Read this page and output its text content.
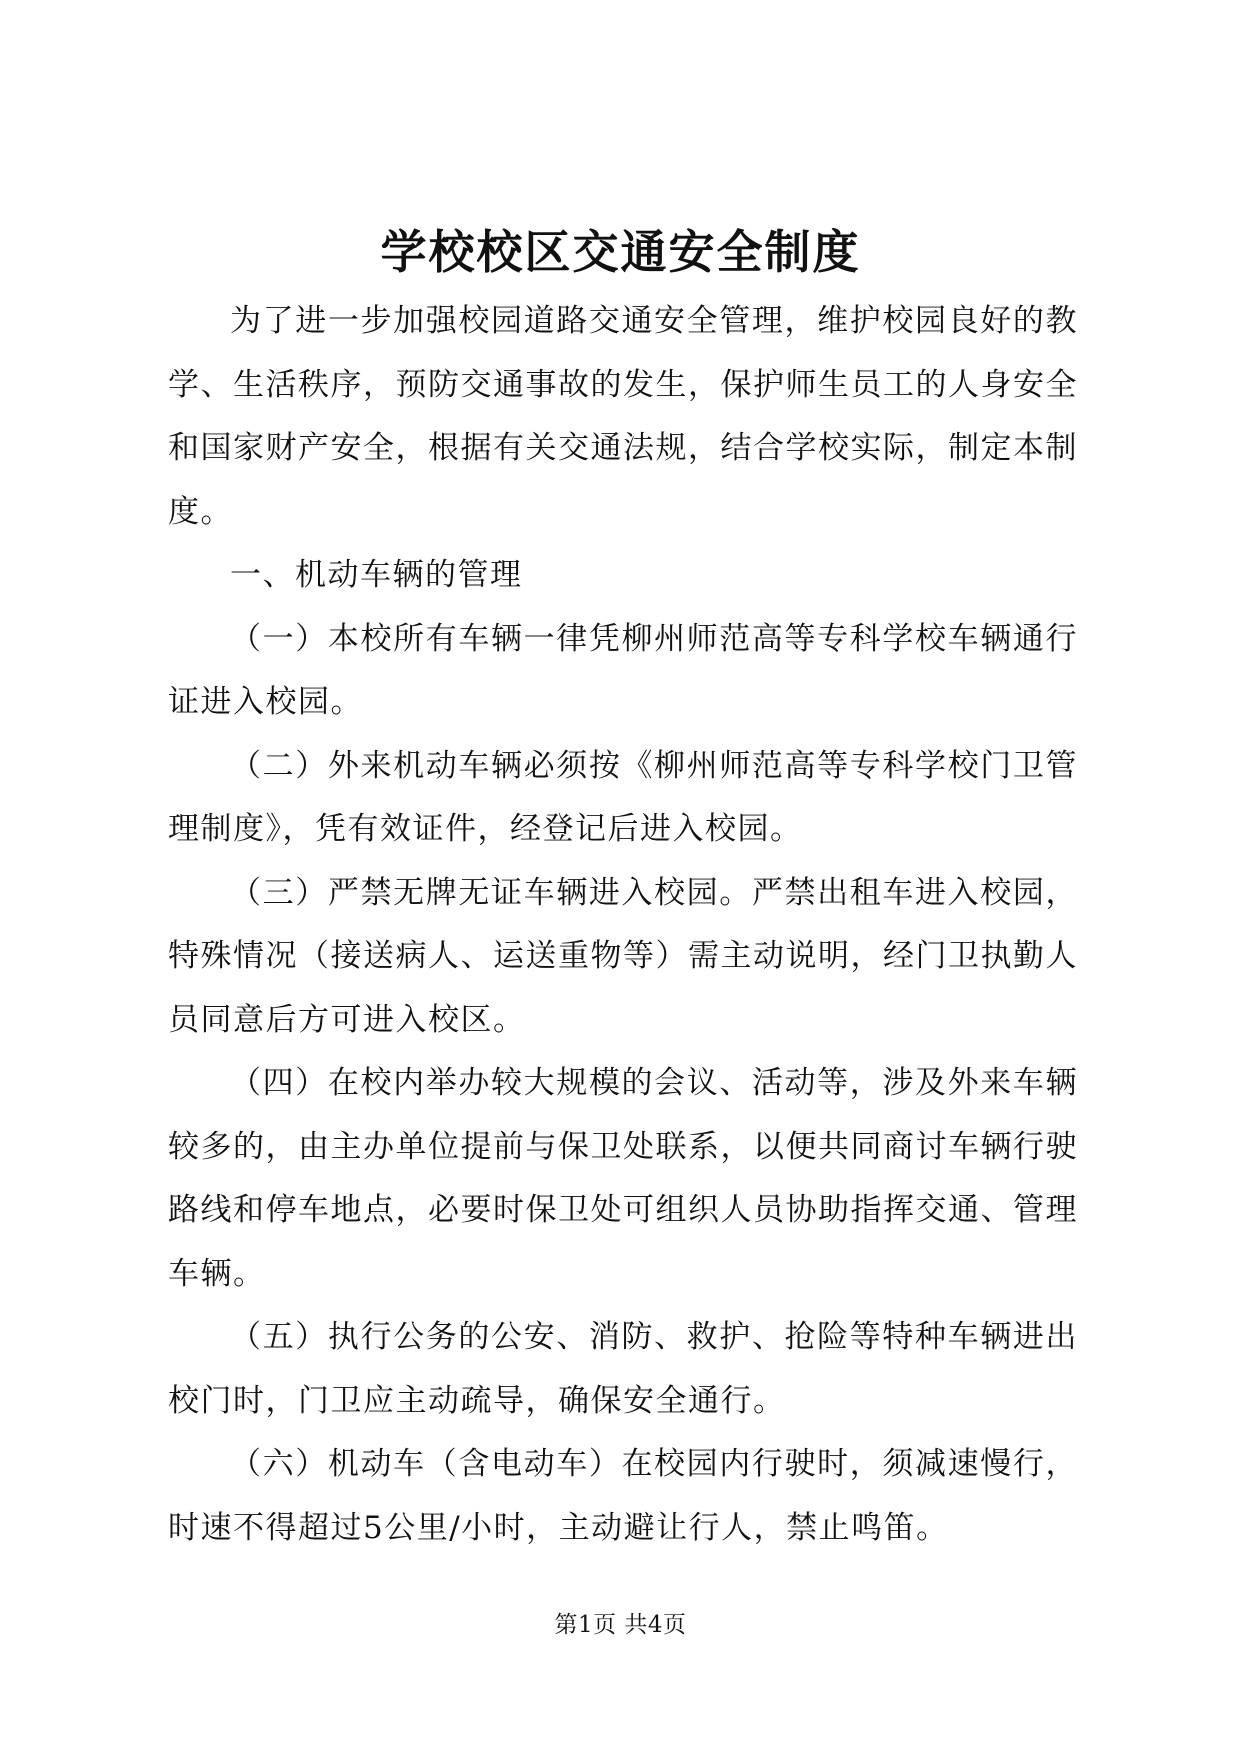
学校校区交通安全制度

为了进一步加强校园道路交通安全管理，维护校园良好的教学、生活秩序，预防交通事故的发生，保护师生员工的人身安全和国家财产安全，根据有关交通法规，结合学校实际，制定本制度。

一、机动车辆的管理

（一）本校所有车辆一律凭柳州师范高等专科学校车辆通行证进入校园。

（二）外来机动车辆必须按《柳州师范高等专科学校门卫管理制度》，凭有效证件，经登记后进入校园。

（三）严禁无牌无证车辆进入校园。严禁出租车进入校园，特殊情况（接送病人、运送重物等）需主动说明，经门卫执勤人员同意后方可进入校区。

（四）在校内举办较大规模的会议、活动等，涉及外来车辆较多的，由主办单位提前与保卫处联系，以便共同商讨车辆行驶路线和停车地点，必要时保卫处可组织人员协助指挥交通、管理车辆。

（五）执行公务的公安、消防、救护、抢险等特种车辆进出校门时，门卫应主动疏导，确保安全通行。

（六）机动车（含电动车）在校园内行驶时，须减速慢行，时速不得超过5公里/小时，主动避让行人，禁止鸣笛。

第1页 共4页
